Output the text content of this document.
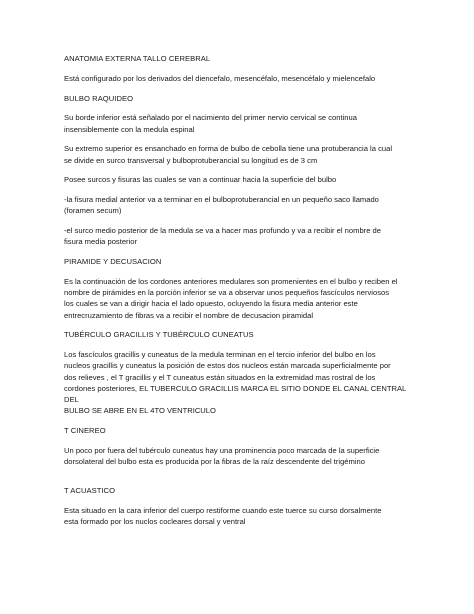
ANATOMIA EXTERNA TALLO CEREBRAL
Está configurado por los derivados del diencefalo, mesencéfalo, mesencéfalo y mielencefalo
BULBO RAQUIDEO
Su borde inferior está señalado por el nacimiento del primer nervio cervical se continua
insensiblemente con la medula espinal
Su extremo superior es ensanchado en forma de bulbo de cebolla tiene una protuberancia la cual
se divide en surco transversal y bulboprotuberancial su longitud es de 3 cm
Posee surcos y fisuras las cuales se van a continuar hacia la superficie del bulbo
-la fisura medial anterior va a terminar en el bulboprotuberancial en un pequeño saco llamado
(foramen secum)
-el surco medio posterior de la medula se va a hacer mas profundo y va a recibir el nombre de
fisura media posterior
PIRAMIDE Y DECUSACION
Es la continuación de los cordones anteriores medulares son promenientes en el bulbo y reciben el
nombre de pirámides en la porción inferior se va a observar unos pequeños fascículos nerviosos
los cuales se van a dirigir hacia el lado opuesto, ocluyendo la fisura media anterior este
entrecruzamiento de fibras va a recibir el nombre de decusacion piramidal
TUBÉRCULO GRACILLIS Y TUBÉRCULO CUNEATUS
Los fascículos gracillis y cuneatus de la medula terminan en el tercio inferior del bulbo en los
nucleos gracillis y cuneatus la posición de estos dos nucleos están marcada superficialmente por
dos relieves , el T gracillis y el T cuneatus están situados en la extremidad mas rostral de los
cordones posteriores, EL TUBERCULO GRACILLIS MARCA EL SITIO DONDE EL CANAL CENTRAL DEL
BULBO SE ABRE EN EL 4TO VENTRICULO
T CINEREO
Un poco por fuera del tubérculo cuneatus hay una prominencia poco marcada de la superficie
dorsolateral del bulbo esta es producida por la fibras de la raíz descendente del trigémino
T ACUASTICO
Esta situado en la cara inferior del cuerpo restiforme cuando este tuerce su curso dorsalmente
esta formado por los nuclos cocleares dorsal y ventral
